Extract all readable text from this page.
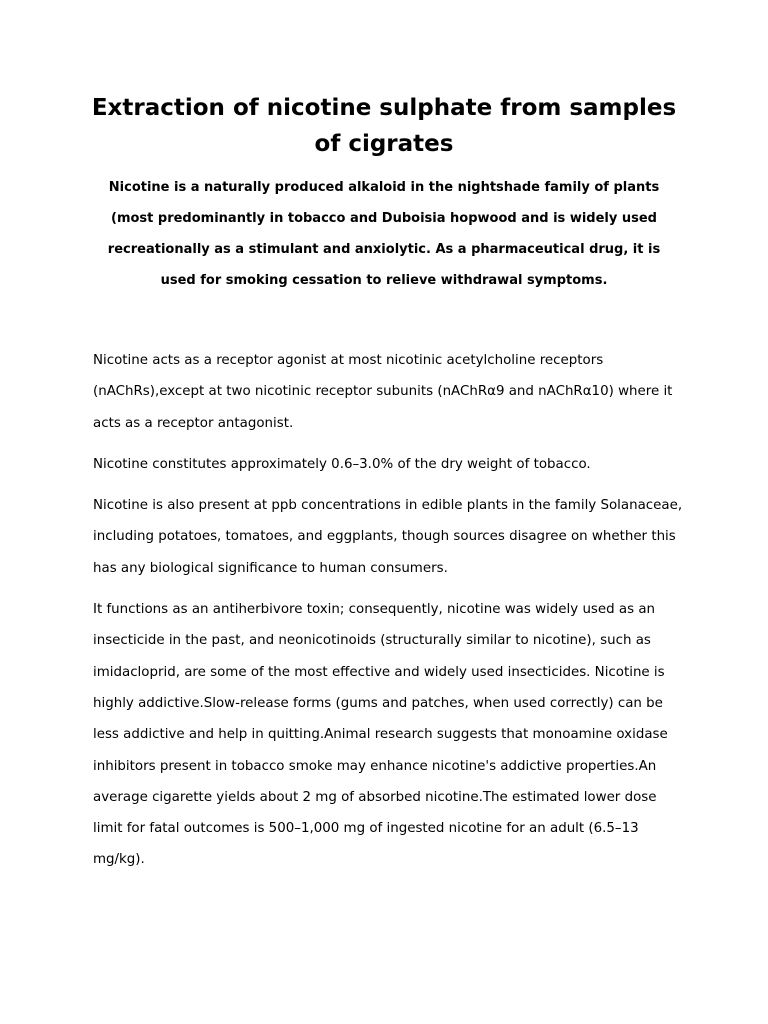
Extraction of nicotine sulphate from samples of cigrates

Nicotine is a naturally produced alkaloid in the nightshade family of plants (most predominantly in tobacco and Duboisia hopwood and is widely used recreationally as a stimulant and anxiolytic. As a pharmaceutical drug, it is used for smoking cessation to relieve withdrawal symptoms.

Nicotine acts as a receptor agonist at most nicotinic acetylcholine receptors (nAChRs),except at two nicotinic receptor subunits (nAChRα9 and nAChRα10) where it acts as a receptor antagonist.

Nicotine constitutes approximately 0.6–3.0% of the dry weight of tobacco.

Nicotine is also present at ppb concentrations in edible plants in the family Solanaceae, including potatoes, tomatoes, and eggplants, though sources disagree on whether this has any biological significance to human consumers.

It functions as an antiherbivore toxin; consequently, nicotine was widely used as an insecticide in the past, and neonicotinoids (structurally similar to nicotine), such as imidacloprid, are some of the most effective and widely used insecticides. Nicotine is highly addictive.Slow-release forms (gums and patches, when used correctly) can be less addictive and help in quitting.Animal research suggests that monoamine oxidase inhibitors present in tobacco smoke may enhance nicotine's addictive properties.An average cigarette yields about 2 mg of absorbed nicotine.The estimated lower dose limit for fatal outcomes is 500–1,000 mg of ingested nicotine for an adult (6.5–13 mg/kg).
